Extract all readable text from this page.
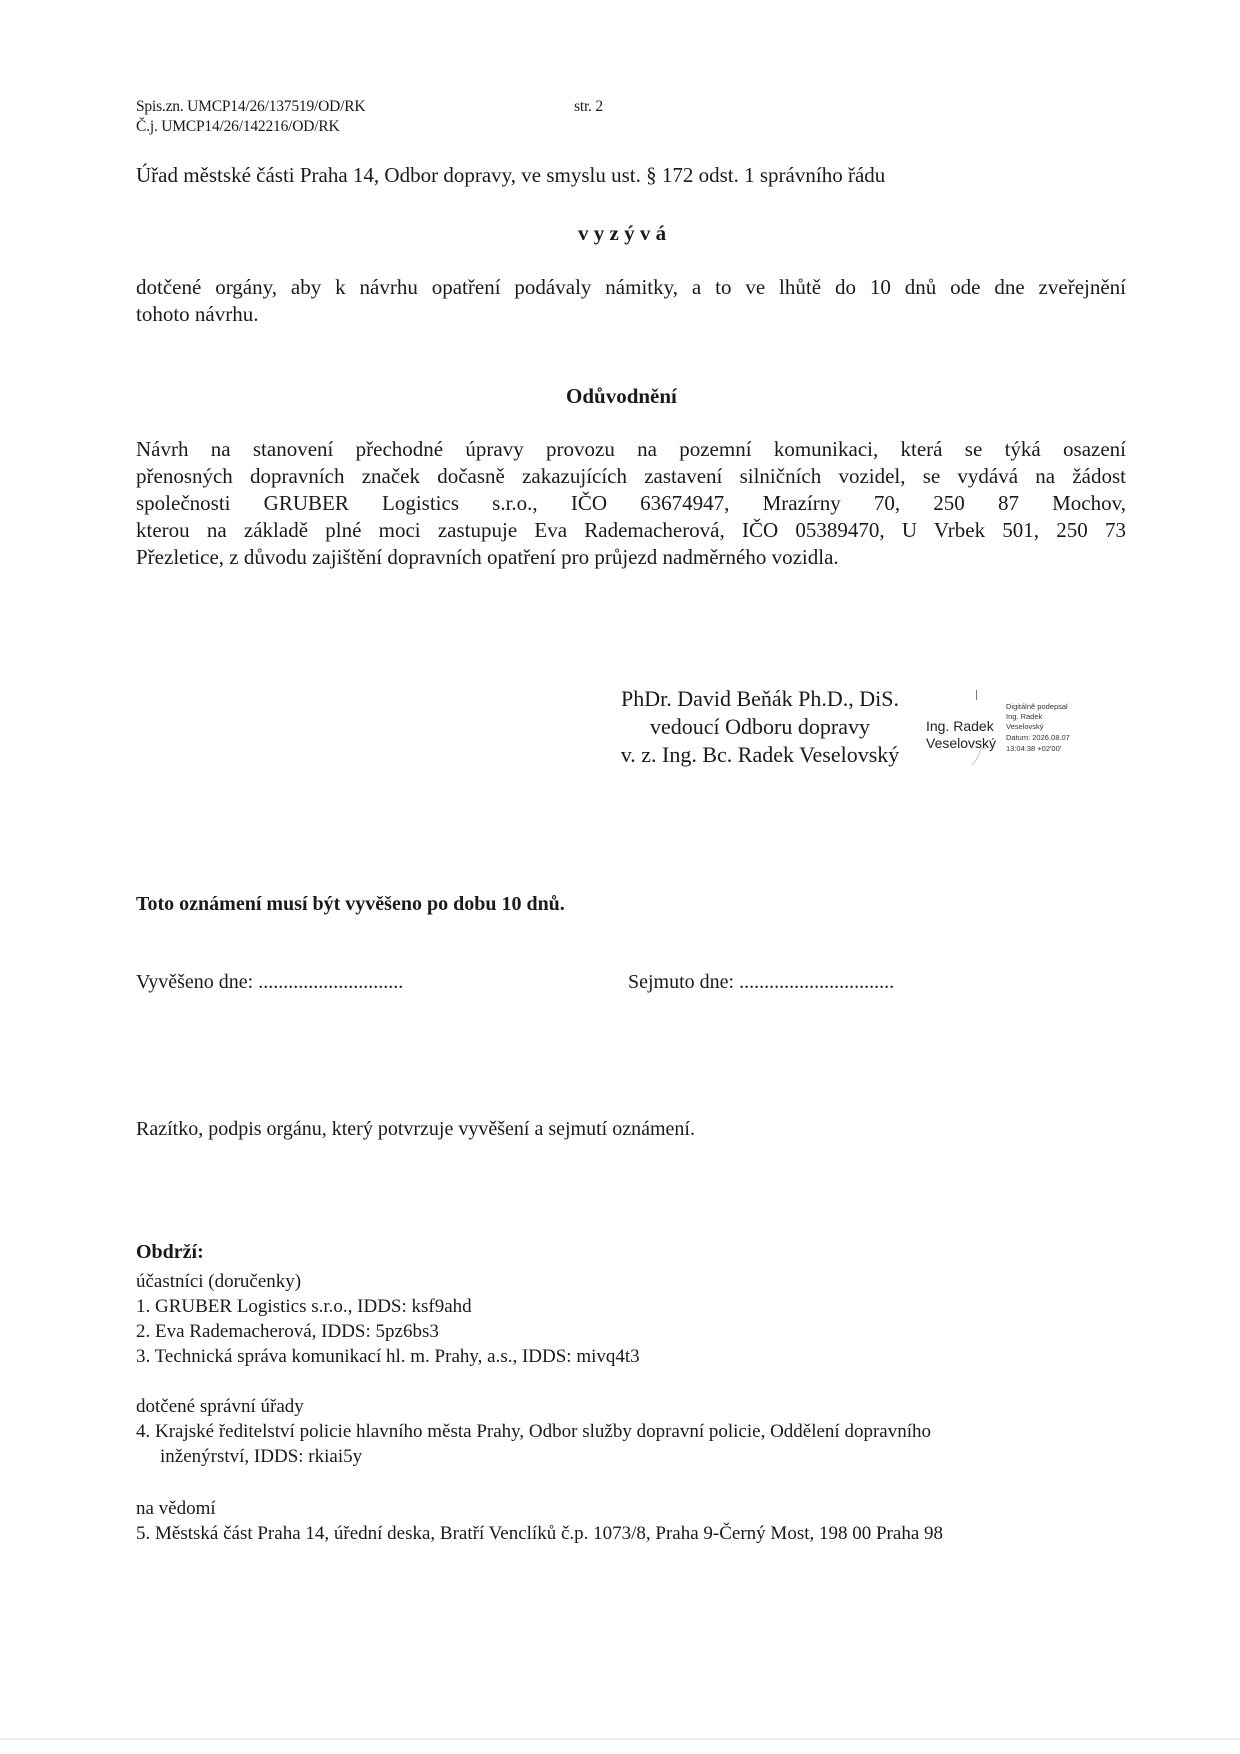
Spis.zn. UMCP14/26/137519/OD/RK	str. 2
Č.j. UMCP14/26/142216/OD/RK
Úřad městské části Praha 14, Odbor dopravy, ve smyslu ust. § 172 odst. 1 správního řádu
v y z ý v á
dotčené orgány, aby k návrhu opatření podávaly námitky, a to ve lhůtě do 10 dnů ode dne zveřejnění
tohoto návrhu.
Odůvodnění
Návrh na stanovení přechodné úpravy provozu na pozemní komunikaci, která se týká osazení
přenosných dopravních značek dočasně zakazujících zastavení silničních vozidel, se vydává na žádost
společnosti GRUBER Logistics s.r.o., IČO 63674947, Mrazírny 70, 250 87 Mochov,
kterou na základě plné moci zastupuje Eva Rademacherová, IČO 05389470, U Vrbek 501, 250 73
Přezletice, z důvodu zajištění dopravních opatření pro průjezd nadměrného vozidla.
PhDr. David Beňák Ph.D., DiS.
vedoucí Odboru dopravy
v. z. Ing. Bc. Radek Veselovský
Ing. Radek
Veselovský
Digitálně podepsal
Ing. Radek
Veselovský
Datum: 2026.08.07
13:04:38 +02'00'
Toto oznámení musí být vyvěšeno po dobu 10 dnů.
Vyvěšeno dne: .............................	Sejmuto dne: ...............................
Razítko, podpis orgánu, který potvrzuje vyvěšení a sejmutí oznámení.
Obdrží:
účastníci (doručenky)
1. GRUBER Logistics s.r.o., IDDS: ksf9ahd
2. Eva Rademacherová, IDDS: 5pz6bs3
3. Technická správa komunikací hl. m. Prahy, a.s., IDDS: mivq4t3
dotčené správní úřady
4. Krajské ředitelství policie hlavního města Prahy, Odbor služby dopravní policie, Oddělení dopravního
inženýrství, IDDS: rkiai5y
na vědomí
5. Městská část Praha 14, úřední deska, Bratří Venclíků č.p. 1073/8, Praha 9-Černý Most, 198 00 Praha 98
